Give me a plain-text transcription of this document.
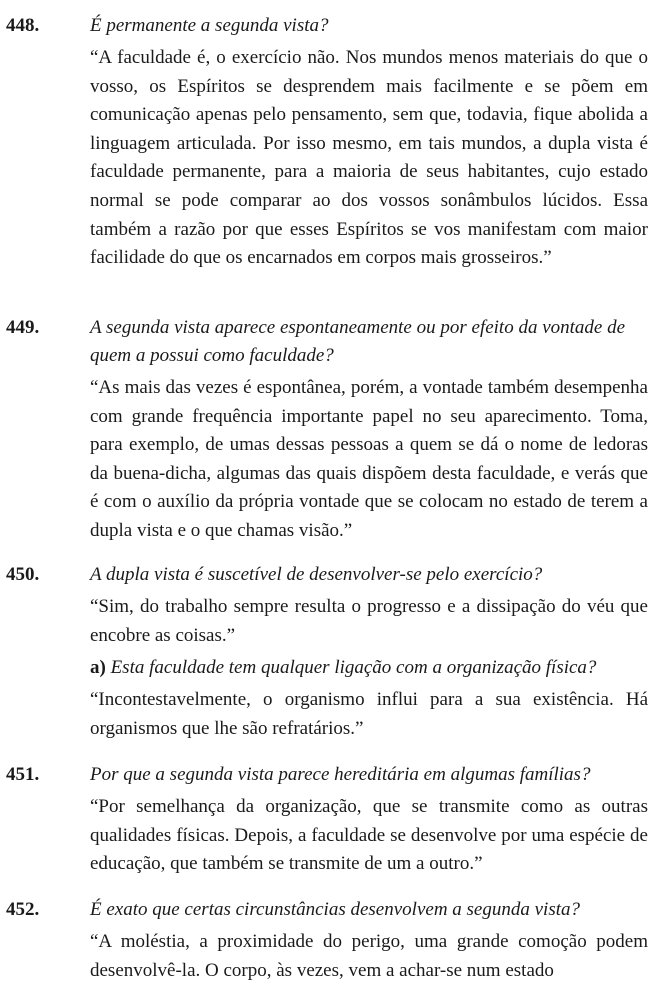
448.	É permanente a segunda vista?

“A faculdade é, o exercício não. Nos mundos menos materiais do que o vosso, os Espíritos se desprendem mais facilmente e se põem em comunicação apenas pelo pensamento, sem que, todavia, fique abolida a linguagem articulada. Por isso mesmo, em tais mundos, a dupla vista é faculdade permanente, para a maioria de seus habitantes, cujo estado normal se pode comparar ao dos vossos sonâmbulos lúcidos. Essa também a razão por que esses Espíritos se vos manifestam com maior facilidade do que os encarnados em corpos mais grosseiros.”

449.	A segunda vista aparece espontaneamente ou por efeito da vontade de quem a possui como faculdade?

“As mais das vezes é espontânea, porém, a vontade também desempenha com grande frequência importante papel no seu aparecimento. Toma, para exemplo, de umas dessas pessoas a quem se dá o nome de ledoras da buena-dicha, algumas das quais dispõem desta faculdade, e verás que é com o auxílio da própria vontade que se colocam no estado de terem a dupla vista e o que chamas visão.”

450.	A dupla vista é suscetível de desenvolver-se pelo exercício?

“Sim, do trabalho sempre resulta o progresso e a dissipação do véu que encobre as coisas.”

a) Esta faculdade tem qualquer ligação com a organização física?

“Incontestavelmente, o organismo influi para a sua existência. Há organismos que lhe são refratários.”

451.	Por que a segunda vista parece hereditária em algumas famílias?

“Por semelhança da organização, que se transmite como as outras qualidades físicas. Depois, a faculdade se desenvolve por uma espécie de educação, que também se transmite de um a outro.”

452.	É exato que certas circunstâncias desenvolvem a segunda vista?

“A moléstia, a proximidade do perigo, uma grande comoção podem desenvolvê-la. O corpo, às vezes, vem a achar-se num estado
